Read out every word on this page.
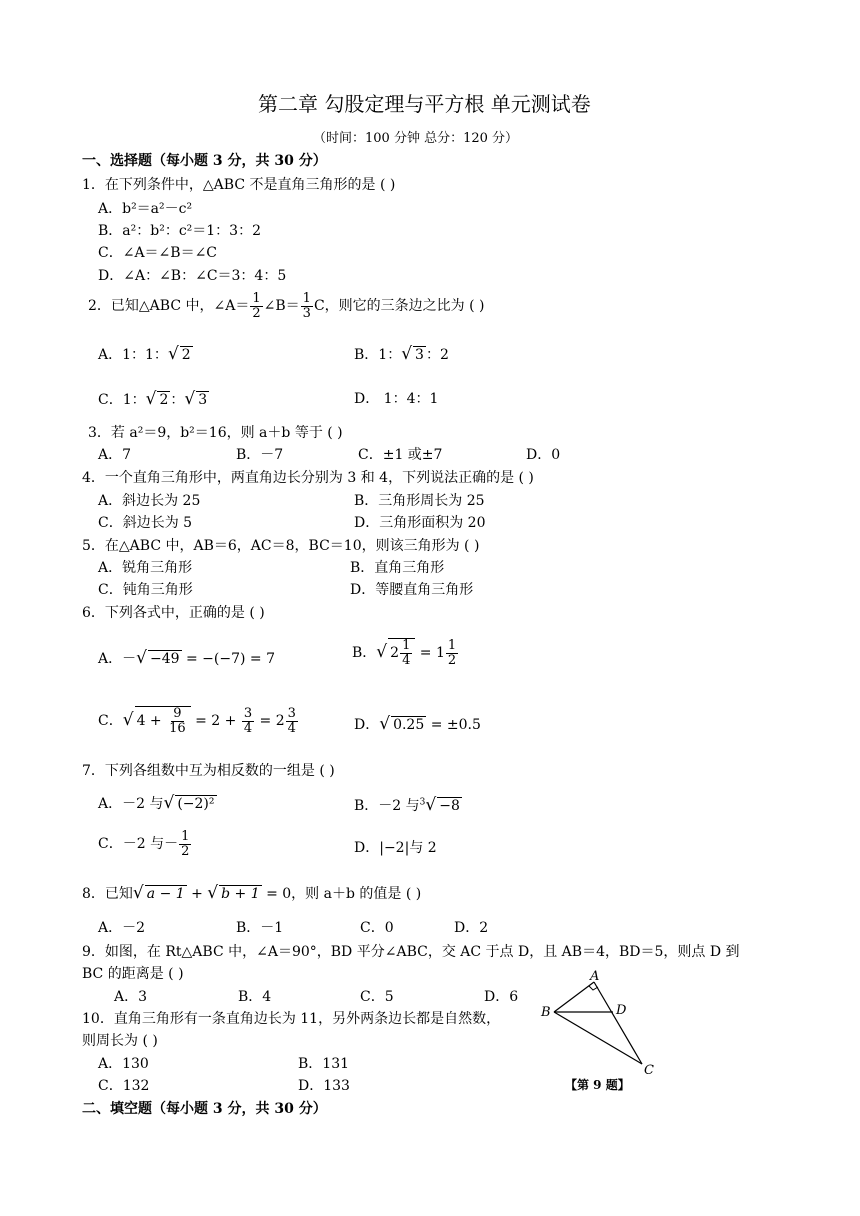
第二章 勾股定理与平方根 单元测试卷
（时间：100 分钟 总分：120 分）
一、选择题（每小题 3 分，共 30 分）
1．在下列条件中，△ABC 不是直角三角形的是 ( )
A．b²＝a²－c²
B．a²：b²：c²＝1：3：2
C．∠A＝∠B＝∠C
D．∠A：∠B：∠C＝3：4：5
2．已知△ABC 中，∠A＝ $\frac{1}{2}$ ∠B＝ $\frac{1}{3}$ C，则它的三条边之比为 ( )
A．1：1：√ 2	B．1：√ 3 ：2
C．1：√ 2 ：√ 3	D． 1：4：1
3．若 a²＝9，b²＝16，则 a＋b 等于 ( )
A．7	B．－7	C．±1 或±7	D．0
4．一个直角三角形中，两直角边长分别为 3 和 4，下列说法正确的是 ( )
A．斜边长为 25	B．三角形周长为 25
C．斜边长为 5	D．三角形面积为 20
5．在△ABC 中，AB＝6，AC＝8，BC＝10，则该三角形为 ( )
A．锐角三角形	B．直角三角形
C．钝角三角形	D．等腰直角三角形
6．下列各式中，正确的是 ( )
A．－√ −49 = −(−7) = 7	B．√ $2 \frac{1}{4} = 1 \frac{1}{2}$
C．√ $4 + \frac{9}{16} = 2 + \frac{3}{4} = 2 \frac{3}{4}$	D．√ 0.25 = ±0.5
7．下列各组数中互为相反数的一组是 ( )
A．－2 与√ (−2)²	B．－2 与$^3$√ −8
C．－2 与－ $\frac{1}{2}$	D．|−2|与 2
8．已知√ a − 1 + √ b + 1 = 0，则 a＋b 的值是 ( )
A．－2	B．－1	C．0	D．2
9．如图，在 Rt△ABC 中，∠A＝90°，BD 平分∠ABC，交 AC 于点 D，且 AB＝4，BD＝5，则点 D 到
BC 的距离是 ( )
A．3	B．4	C．5	D．6
A
B
C
D
【第 9 题】
10．直角三角形有一条直角边长为 11，另外两条边长都是自然数，
则周长为 ( )
A．130	B．131
C．132	D．133
二、填空题（每小题 3 分，共 30 分）
